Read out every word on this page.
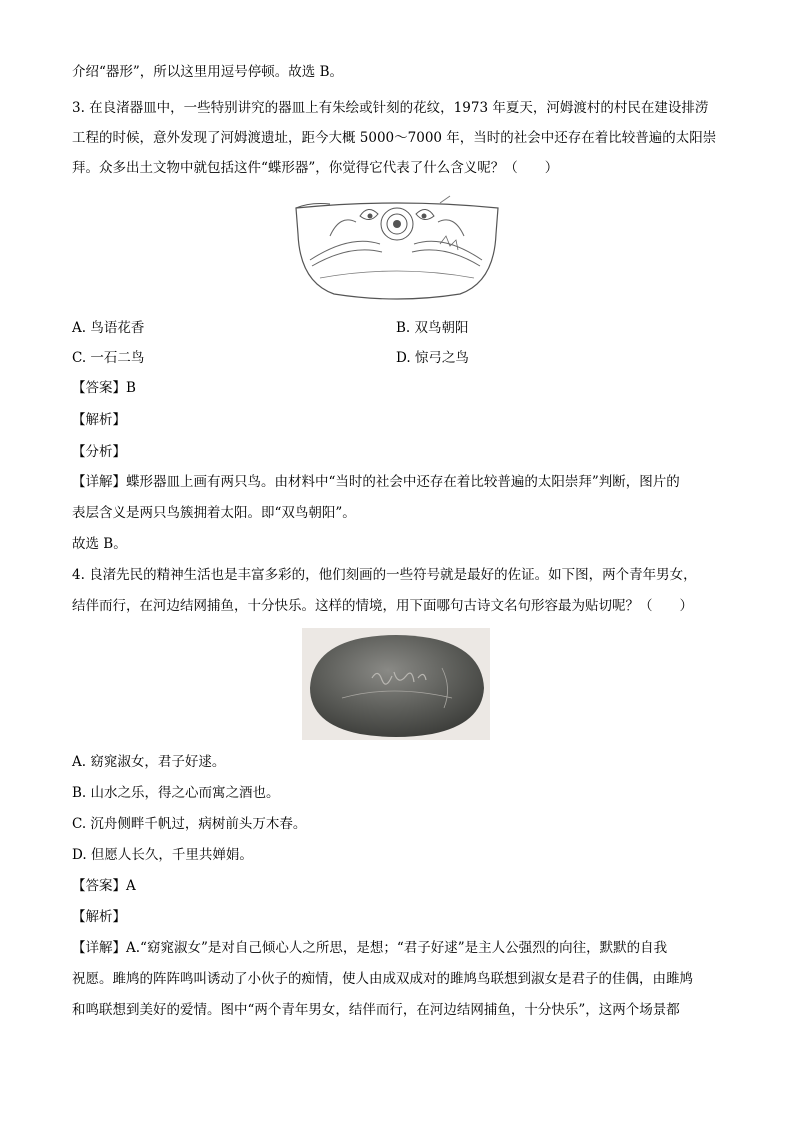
介绍“器形”，所以这里用逗号停顿。故选 B。
3. 在良渚器皿中，一些特别讲究的器皿上有朱绘或针刻的花纹，1973 年夏天，河姆渡村的村民在建设排涝
工程的时候，意外发现了河姆渡遗址，距今大概 5000～7000 年，当时的社会中还存在着比较普遍的太阳崇
拜。众多出土文物中就包括这件“蝶形器”，你觉得它代表了什么含义呢？（　　）
A. 鸟语花香	B. 双鸟朝阳
C. 一石二鸟	D. 惊弓之鸟
【答案】B
【解析】
【分析】
【详解】蝶形器皿上画有两只鸟。由材料中“当时的社会中还存在着比较普遍的太阳崇拜”判断，图片的
表层含义是两只鸟簇拥着太阳。即“双鸟朝阳”。
故选 B。
4. 良渚先民的精神生活也是丰富多彩的，他们刻画的一些符号就是最好的佐证。如下图，两个青年男女，
结伴而行，在河边结网捕鱼，十分快乐。这样的情境，用下面哪句古诗文名句形容最为贴切呢？（　　）
A. 窈窕淑女，君子好逑。
B. 山水之乐，得之心而寓之酒也。
C. 沉舟侧畔千帆过，病树前头万木春。
D. 但愿人长久，千里共婵娟。
【答案】A
【解析】
【详解】A.“窈窕淑女”是对自己倾心人之所思，是想；“君子好逑”是主人公强烈的向往，默默的自我
祝愿。雎鸠的阵阵鸣叫诱动了小伙子的痴情，使人由成双成对的雎鸠鸟联想到淑女是君子的佳偶，由雎鸠
和鸣联想到美好的爱情。图中“两个青年男女，结伴而行，在河边结网捕鱼，十分快乐”，这两个场景都
